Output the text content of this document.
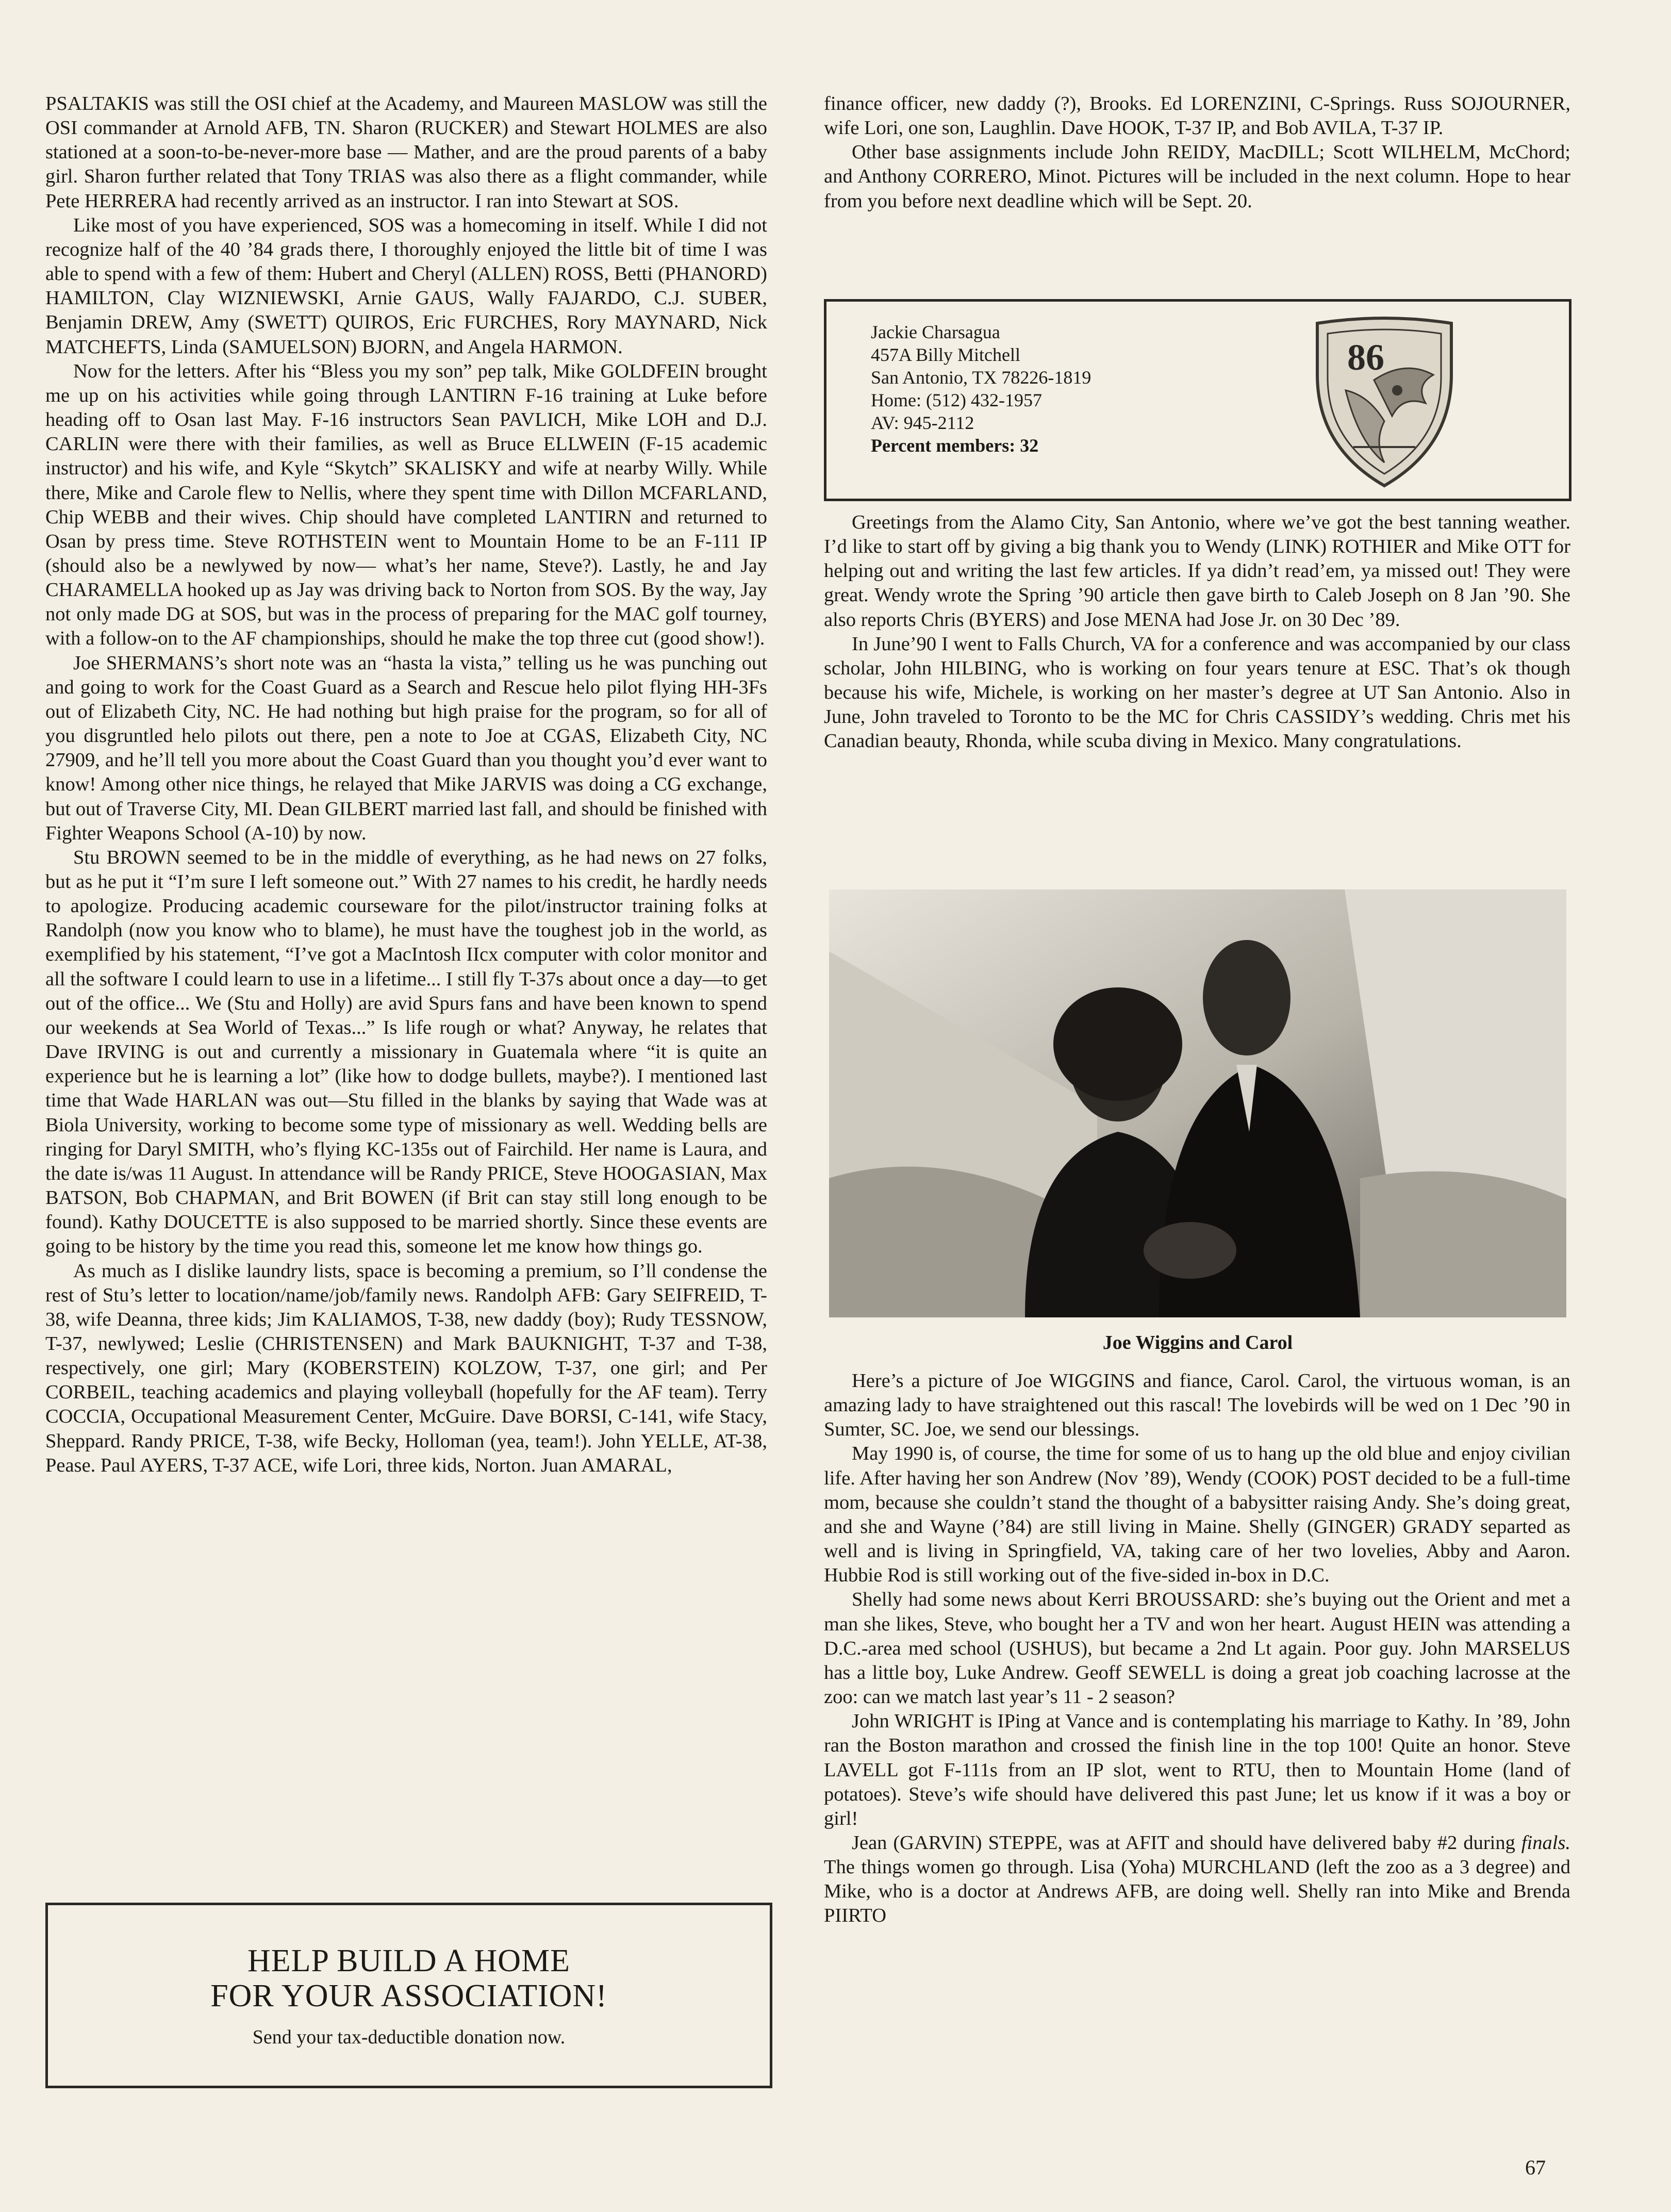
PSALTAKIS was still the OSI chief at the Academy, and Maureen MASLOW was still the OSI commander at Arnold AFB, TN. Sharon (RUCKER) and Stewart HOLMES are also stationed at a soon-to-be-never-more base — Mather, and are the proud parents of a baby girl. Sharon further related that Tony TRIAS was also there as a flight commander, while Pete HERRERA had recently arrived as an instructor. I ran into Stewart at SOS.

Like most of you have experienced, SOS was a homecoming in itself. While I did not recognize half of the 40 ’84 grads there, I thoroughly enjoyed the little bit of time I was able to spend with a few of them: Hubert and Cheryl (ALLEN) ROSS, Betti (PHANORD) HAMILTON, Clay WIZNIEWSKI, Arnie GAUS, Wally FAJARDO, C.J. SUBER, Benjamin DREW, Amy (SWETT) QUIROS, Eric FURCHES, Rory MAYNARD, Nick MATCHEFTS, Linda (SAMUELSON) BJORN, and Angela HARMON.

Now for the letters. After his “Bless you my son” pep talk, Mike GOLDFEIN brought me up on his activities while going through LANTIRN F-16 training at Luke before heading off to Osan last May. F-16 instructors Sean PAVLICH, Mike LOH and D.J. CARLIN were there with their families, as well as Bruce ELLWEIN (F-15 academic instructor) and his wife, and Kyle “Skytch” SKALISKY and wife at nearby Willy. While there, Mike and Carole flew to Nellis, where they spent time with Dillon MCFARLAND, Chip WEBB and their wives. Chip should have completed LANTIRN and returned to Osan by press time. Steve ROTHSTEIN went to Mountain Home to be an F-111 IP (should also be a newlywed by now— what’s her name, Steve?). Lastly, he and Jay CHARAMELLA hooked up as Jay was driving back to Norton from SOS. By the way, Jay not only made DG at SOS, but was in the process of preparing for the MAC golf tourney, with a follow-on to the AF championships, should he make the top three cut (good show!).

Joe SHERMANS’s short note was an “hasta la vista,” telling us he was punching out and going to work for the Coast Guard as a Search and Rescue helo pilot flying HH-3Fs out of Elizabeth City, NC. He had nothing but high praise for the program, so for all of you disgruntled helo pilots out there, pen a note to Joe at CGAS, Elizabeth City, NC 27909, and he’ll tell you more about the Coast Guard than you thought you’d ever want to know! Among other nice things, he relayed that Mike JARVIS was doing a CG exchange, but out of Traverse City, MI. Dean GILBERT married last fall, and should be finished with Fighter Weapons School (A-10) by now.

Stu BROWN seemed to be in the middle of everything, as he had news on 27 folks, but as he put it “I’m sure I left someone out.” With 27 names to his credit, he hardly needs to apologize. Producing academic courseware for the pilot/instructor training folks at Randolph (now you know who to blame), he must have the toughest job in the world, as exemplified by his statement, “I’ve got a MacIntosh IIcx computer with color monitor and all the software I could learn to use in a lifetime... I still fly T-37s about once a day—to get out of the office... We (Stu and Holly) are avid Spurs fans and have been known to spend our weekends at Sea World of Texas...” Is life rough or what? Anyway, he relates that Dave IRVING is out and currently a missionary in Guatemala where “it is quite an experience but he is learning a lot” (like how to dodge bullets, maybe?). I mentioned last time that Wade HARLAN was out—Stu filled in the blanks by saying that Wade was at Biola University, working to become some type of missionary as well. Wedding bells are ringing for Daryl SMITH, who’s flying KC-135s out of Fairchild. Her name is Laura, and the date is/was 11 August. In attendance will be Randy PRICE, Steve HOOGASIAN, Max BATSON, Bob CHAPMAN, and Brit BOWEN (if Brit can stay still long enough to be found). Kathy DOUCETTE is also supposed to be married shortly. Since these events are going to be history by the time you read this, someone let me know how things go.

As much as I dislike laundry lists, space is becoming a premium, so I’ll condense the rest of Stu’s letter to location/name/job/family news. Randolph AFB: Gary SEIFREID, T-38, wife Deanna, three kids; Jim KALIAMOS, T-38, new daddy (boy); Rudy TESSNOW, T-37, newlywed; Leslie (CHRISTENSEN) and Mark BAUKNIGHT, T-37 and T-38, respectively, one girl; Mary (KOBERSTEIN) KOLZOW, T-37, one girl; and Per CORBEIL, teaching academics and playing volleyball (hopefully for the AF team). Terry COCCIA, Occupational Measurement Center, McGuire. Dave BORSI, C-141, wife Stacy, Sheppard. Randy PRICE, T-38, wife Becky, Holloman (yea, team!). John YELLE, AT-38, Pease. Paul AYERS, T-37 ACE, wife Lori, three kids, Norton. Juan AMARAL,

HELP BUILD A HOME
FOR YOUR ASSOCIATION!
Send your tax-deductible donation now.

finance officer, new daddy (?), Brooks. Ed LORENZINI, C-Springs. Russ SOJOURNER, wife Lori, one son, Laughlin. Dave HOOK, T-37 IP, and Bob AVILA, T-37 IP.

Other base assignments include John REIDY, MacDILL; Scott WILHELM, McChord; and Anthony CORRERO, Minot. Pictures will be included in the next column. Hope to hear from you before next deadline which will be Sept. 20.

Jackie Charsagua
457A Billy Mitchell
San Antonio, TX 78226-1819
Home: (512) 432-1957
AV: 945-2112
Percent members: 32
86

Greetings from the Alamo City, San Antonio, where we’ve got the best tanning weather. I’d like to start off by giving a big thank you to Wendy (LINK) ROTHIER and Mike OTT for helping out and writing the last few articles. If ya didn’t read’em, ya missed out! They were great. Wendy wrote the Spring ’90 article then gave birth to Caleb Joseph on 8 Jan ’90. She also reports Chris (BYERS) and Jose MENA had Jose Jr. on 30 Dec ’89.

In June’90 I went to Falls Church, VA for a conference and was accompanied by our class scholar, John HILBING, who is working on four years tenure at ESC. That’s ok though because his wife, Michele, is working on her master’s degree at UT San Antonio. Also in June, John traveled to Toronto to be the MC for Chris CASSIDY’s wedding. Chris met his Canadian beauty, Rhonda, while scuba diving in Mexico. Many congratulations.

Joe Wiggins and Carol

Here’s a picture of Joe WIGGINS and fiance, Carol. Carol, the virtuous woman, is an amazing lady to have straightened out this rascal! The lovebirds will be wed on 1 Dec ’90 in Sumter, SC. Joe, we send our blessings.

May 1990 is, of course, the time for some of us to hang up the old blue and enjoy civilian life. After having her son Andrew (Nov ’89), Wendy (COOK) POST decided to be a full-time mom, because she couldn’t stand the thought of a babysitter raising Andy. She’s doing great, and she and Wayne (’84) are still living in Maine. Shelly (GINGER) GRADY separted as well and is living in Springfield, VA, taking care of her two lovelies, Abby and Aaron. Hubbie Rod is still working out of the five-sided in-box in D.C.

Shelly had some news about Kerri BROUSSARD: she’s buying out the Orient and met a man she likes, Steve, who bought her a TV and won her heart. August HEIN was attending a D.C.-area med school (USHUS), but became a 2nd Lt again. Poor guy. John MARSELUS has a little boy, Luke Andrew. Geoff SEWELL is doing a great job coaching lacrosse at the zoo: can we match last year’s 11 - 2 season?

John WRIGHT is IPing at Vance and is contemplating his marriage to Kathy. In ’89, John ran the Boston marathon and crossed the finish line in the top 100! Quite an honor. Steve LAVELL got F-111s from an IP slot, went to RTU, then to Mountain Home (land of potatoes). Steve’s wife should have delivered this past June; let us know if it was a boy or girl!

Jean (GARVIN) STEPPE, was at AFIT and should have delivered baby #2 during finals. The things women go through. Lisa (Yoha) MURCHLAND (left the zoo as a 3 degree) and Mike, who is a doctor at Andrews AFB, are doing well. Shelly ran into Mike and Brenda PIIRTO

67
